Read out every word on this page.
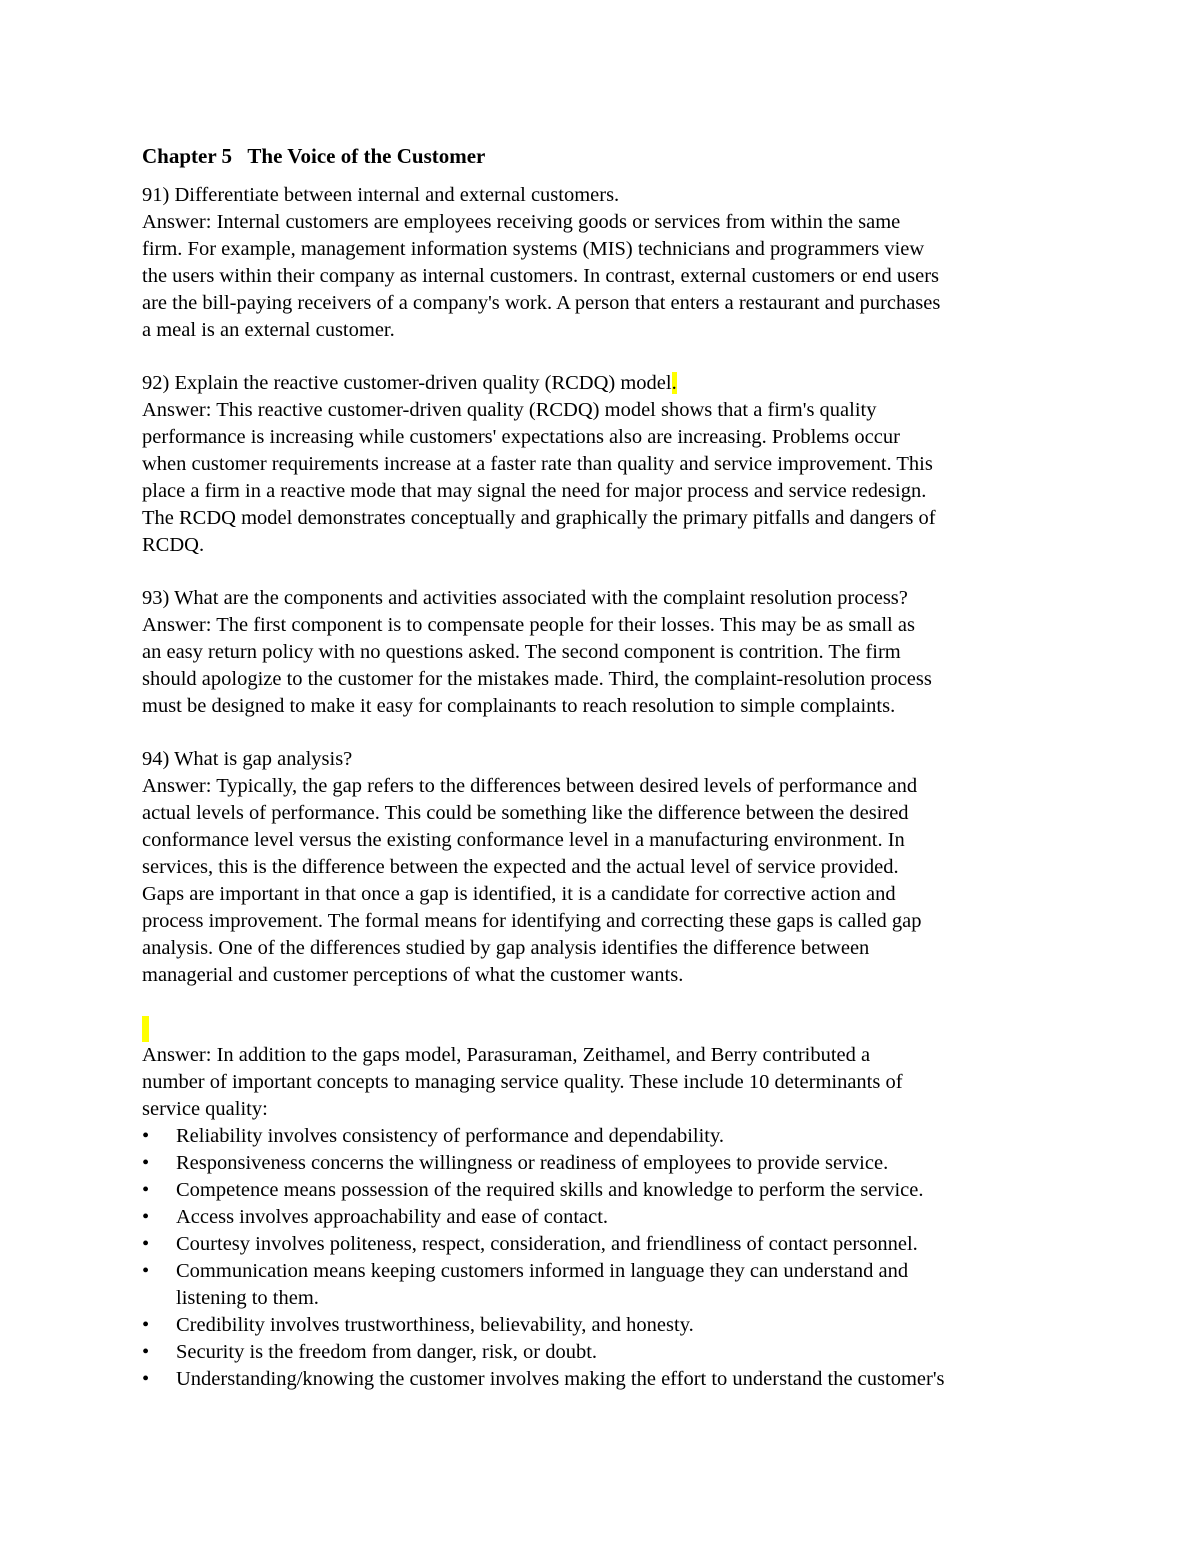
Chapter 5   The Voice of the Customer
91) Differentiate between internal and external customers.
Answer: Internal customers are employees receiving goods or services from within the same
firm. For example, management information systems (MIS) technicians and programmers view
the users within their company as internal customers. In contrast, external customers or end users
are the bill-paying receivers of a company's work. A person that enters a restaurant and purchases
a meal is an external customer.
92) Explain the reactive customer-driven quality (RCDQ) model.
Answer: This reactive customer-driven quality (RCDQ) model shows that a firm's quality
performance is increasing while customers' expectations also are increasing. Problems occur
when customer requirements increase at a faster rate than quality and service improvement. This
place a firm in a reactive mode that may signal the need for major process and service redesign.
The RCDQ model demonstrates conceptually and graphically the primary pitfalls and dangers of
RCDQ.
93) What are the components and activities associated with the complaint resolution process?
Answer: The first component is to compensate people for their losses. This may be as small as
an easy return policy with no questions asked. The second component is contrition. The firm
should apologize to the customer for the mistakes made. Third, the complaint-resolution process
must be designed to make it easy for complainants to reach resolution to simple complaints.
94) What is gap analysis?
Answer: Typically, the gap refers to the differences between desired levels of performance and
actual levels of performance. This could be something like the difference between the desired
conformance level versus the existing conformance level in a manufacturing environment. In
services, this is the difference between the expected and the actual level of service provided.
Gaps are important in that once a gap is identified, it is a candidate for corrective action and
process improvement. The formal means for identifying and correcting these gaps is called gap
analysis. One of the differences studied by gap analysis identifies the difference between
managerial and customer perceptions of what the customer wants.
Answer: In addition to the gaps model, Parasuraman, Zeithamel, and Berry contributed a
number of important concepts to managing service quality. These include 10 determinants of
service quality:
• Reliability involves consistency of performance and dependability.
• Responsiveness concerns the willingness or readiness of employees to provide service.
• Competence means possession of the required skills and knowledge to perform the service.
• Access involves approachability and ease of contact.
• Courtesy involves politeness, respect, consideration, and friendliness of contact personnel.
• Communication means keeping customers informed in language they can understand and
listening to them.
• Credibility involves trustworthiness, believability, and honesty.
• Security is the freedom from danger, risk, or doubt.
• Understanding/knowing the customer involves making the effort to understand the customer's
